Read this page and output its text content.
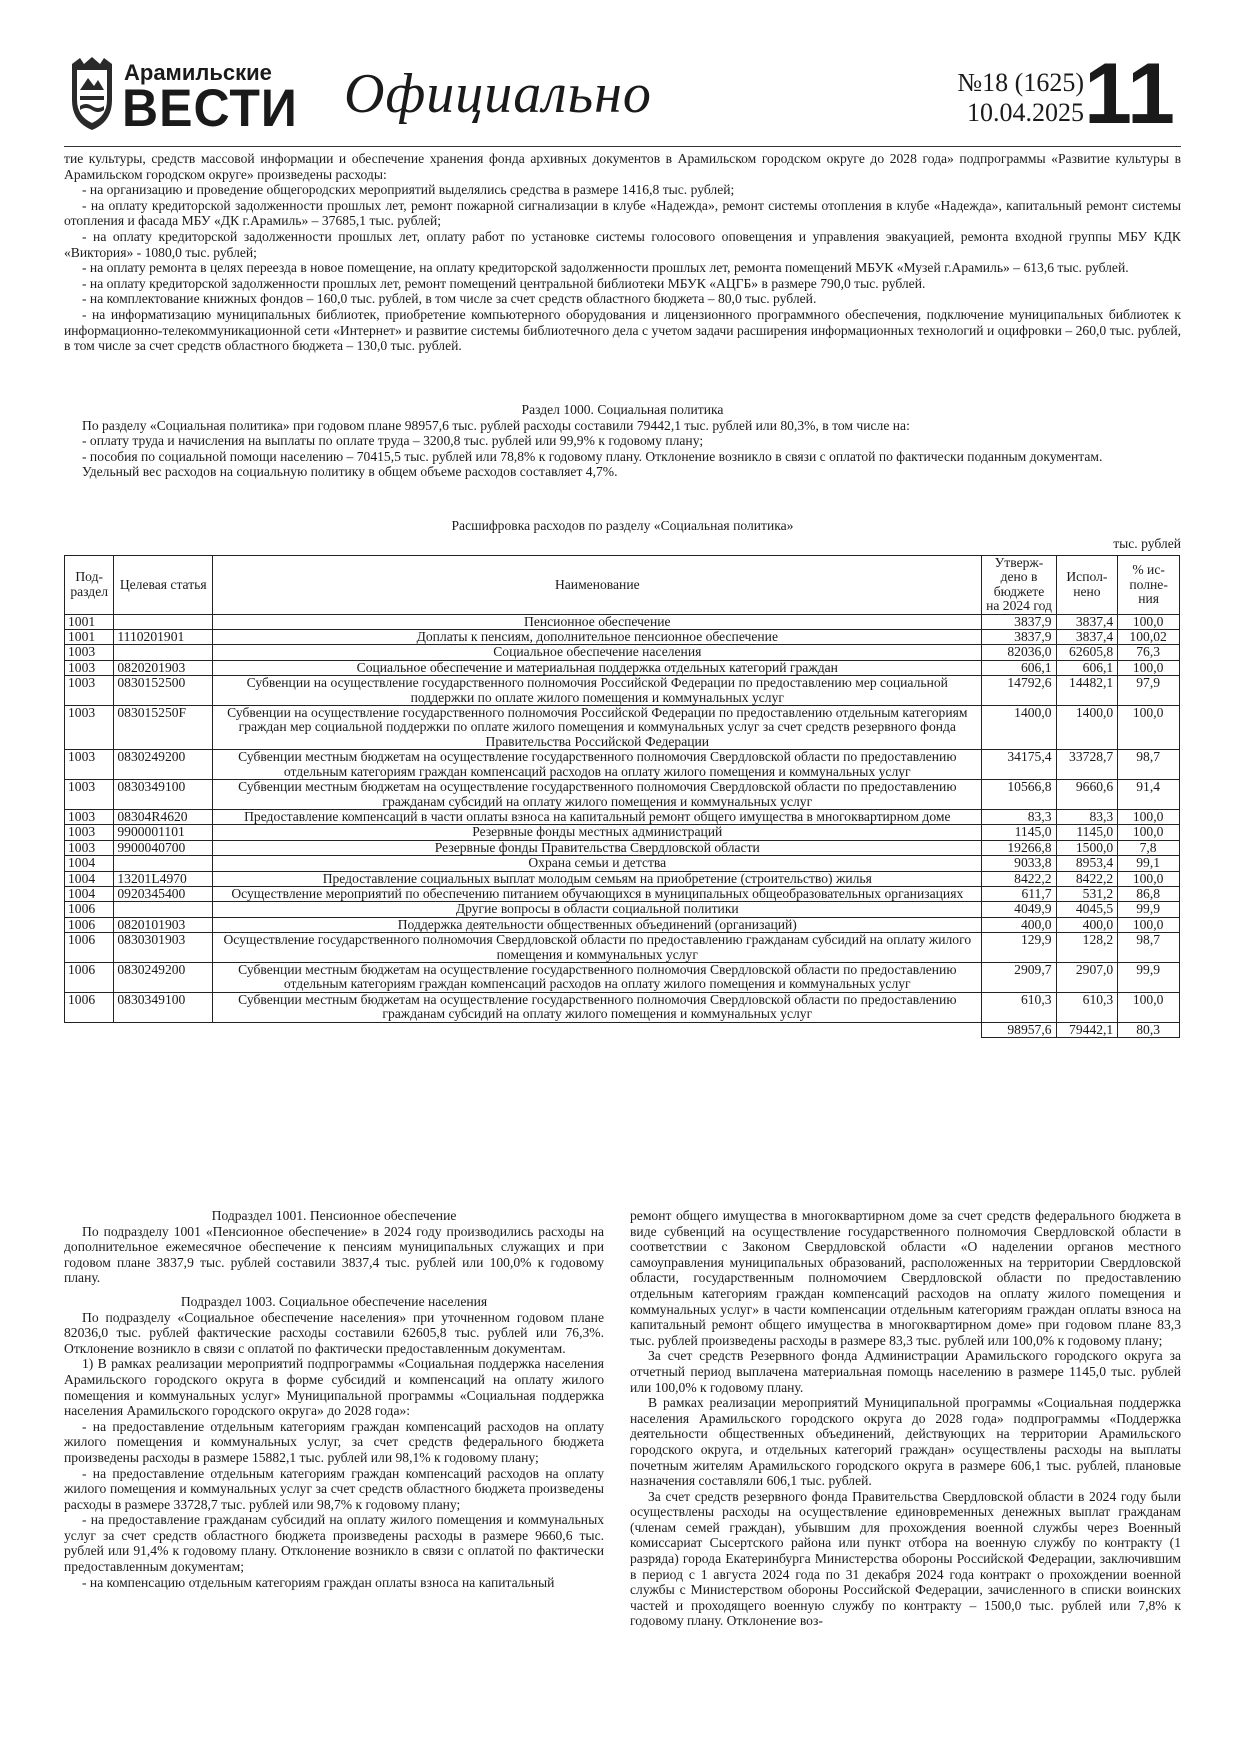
Арамильские
ВЕСТИ Официально	№18 (1625)
10.04.2025 11

тие культуры, средств массовой информации и обеспечение хранения фонда архивных документов в Арамильском городском округе до 2028 года» подпрограммы «Развитие культуры в Арамильском городском округе» произведены расходы:

- на организацию и проведение общегородских мероприятий выделялись средства в размере 1416,8 тыс. рублей;

- на оплату кредиторской задолженности прошлых лет, ремонт пожарной сигнализации в клубе «Надежда», ремонт системы отопления в клубе «Надежда», капитальный ремонт системы отопления и фасада МБУ «ДК г.Арамиль» – 37685,1 тыс. рублей;

- на оплату кредиторской задолженности прошлых лет, оплату работ по установке системы голосового оповещения и управления эвакуацией, ремонта входной группы МБУ КДК «Виктория» - 1080,0 тыс. рублей;

- на оплату ремонта в целях переезда в новое помещение, на оплату кредиторской задолженности прошлых лет, ремонта помещений МБУК «Музей г.Арамиль» – 613,6 тыс. рублей.

- на оплату кредиторской задолженности прошлых лет, ремонт помещений центральной библиотеки МБУК «АЦГБ» в размере 790,0 тыс. рублей.

- на комплектование книжных фондов – 160,0 тыс. рублей, в том числе за счет средств областного бюджета – 80,0 тыс. рублей.

- на информатизацию муниципальных библиотек, приобретение компьютерного оборудования и лицензионного программного обеспечения, подключение муниципальных библиотек к информационно-телекоммуникационной сети «Интернет» и развитие системы библиотечного дела с учетом задачи расширения информационных технологий и оцифровки – 260,0 тыс. рублей, в том числе за счет средств областного бюджета – 130,0 тыс. рублей.

Раздел 1000. Социальная политика

По разделу «Социальная политика» при годовом плане 98957,6 тыс. рублей расходы составили 79442,1 тыс. рублей или 80,3%, в том числе на:

- оплату труда и начисления на выплаты по оплате труда – 3200,8 тыс. рублей или 99,9% к годовому плану;

- пособия по социальной помощи населению – 70415,5 тыс. рублей или 78,8% к годовому плану. Отклонение возникло в связи с оплатой по фактически поданным документам.

Удельный вес расходов на социальную политику в общем объеме расходов составляет 4,7%.

Расшифровка расходов по разделу «Социальная политика»
тыс. рублей
Под-раздел	Целевая статья	Наименование	Утверж-дено в бюджете на 2024 год	Испол-нено	% ис-полне-ния
1001		Пенсионное обеспечение	3837,9	3837,4	100,0
1001	1110201901	Доплаты к пенсиям, дополнительное пенсионное обеспечение	3837,9	3837,4	100,02
1003		Социальное обеспечение населения	82036,0	62605,8	76,3
1003	0820201903	Социальное обеспечение и материальная поддержка отдельных категорий граждан	606,1	606,1	100,0
1003	0830152500	Субвенции на осуществление государственного полномочия Российской Федерации по предоставлению мер социальной поддержки по оплате жилого помещения и коммунальных услуг	14792,6	14482,1	97,9
1003	083015250F	Субвенции на осуществление государственного полномочия Российской Федерации по предоставлению отдельным категориям граждан мер социальной поддержки по оплате жилого помещения и коммунальных услуг за счет средств резервного фонда Правительства Российской Федерации	1400,0	1400,0	100,0
1003	0830249200	Субвенции местным бюджетам на осуществление государственного полномочия Свердловской области по предоставлению отдельным категориям граждан компенсаций расходов на оплату жилого помещения и коммунальных услуг	34175,4	33728,7	98,7
1003	0830349100	Субвенции местным бюджетам на осуществление государственного полномочия Свердловской области по предоставлению гражданам субсидий на оплату жилого помещения и коммунальных услуг	10566,8	9660,6	91,4
1003	08304R4620	Предоставление компенсаций в части оплаты взноса на капитальный ремонт общего имущества в многоквартирном доме	83,3	83,3	100,0
1003	9900001101	Резервные фонды местных администраций	1145,0	1145,0	100,0
1003	9900040700	Резервные фонды Правительства Свердловской области	19266,8	1500,0	7,8
1004		Охрана семьи и детства	9033,8	8953,4	99,1
1004	13201L4970	Предоставление социальных выплат молодым семьям на приобретение (строительство) жилья	8422,2	8422,2	100,0
1004	0920345400	Осуществление мероприятий по обеспечению питанием обучающихся в муниципальных общеобразовательных организациях	611,7	531,2	86,8
1006		Другие вопросы в области социальной политики	4049,9	4045,5	99,9
1006	0820101903	Поддержка деятельности общественных объединений (организаций)	400,0	400,0	100,0
1006	0830301903	Осуществление государственного полномочия Свердловской области по предоставлению гражданам субсидий на оплату жилого помещения и коммунальных услуг	129,9	128,2	98,7
1006	0830249200	Субвенции местным бюджетам на осуществление государственного полномочия Свердловской области по предоставлению отдельным категориям граждан компенсаций расходов на оплату жилого помещения и коммунальных услуг	2909,7	2907,0	99,9
1006	0830349100	Субвенции местным бюджетам на осуществление государственного полномочия Свердловской области по предоставлению гражданам субсидий на оплату жилого помещения и коммунальных услуг	610,3	610,3	100,0
			98957,6	79442,1	80,3

Подраздел 1001. Пенсионное обеспечение

По подразделу 1001 «Пенсионное обеспечение» в 2024 году производились расходы на дополнительное ежемесячное обеспечение к пенсиям муниципальных служащих и при годовом плане 3837,9 тыс. рублей составили 3837,4 тыс. рублей или 100,0% к годовому плану.

Подраздел 1003. Социальное обеспечение населения

По подразделу «Социальное обеспечение населения» при уточненном годовом плане 82036,0 тыс. рублей фактические расходы составили 62605,8 тыс. рублей или 76,3%. Отклонение возникло в связи с оплатой по фактически предоставленным документам.

1) В рамках реализации мероприятий подпрограммы «Социальная поддержка населения Арамильского городского округа в форме субсидий и компенсаций на оплату жилого помещения и коммунальных услуг» Муниципальной программы «Социальная поддержка населения Арамильского городского округа» до 2028 года»:

- на предоставление отдельным категориям граждан компенсаций расходов на оплату жилого помещения и коммунальных услуг, за счет средств федерального бюджета произведены расходы в размере 15882,1 тыс. рублей или 98,1% к годовому плану;

- на предоставление отдельным категориям граждан компенсаций расходов на оплату жилого помещения и коммунальных услуг за счет средств областного бюджета произведены расходы в размере 33728,7 тыс. рублей или 98,7% к годовому плану;

- на предоставление гражданам субсидий на оплату жилого помещения и коммунальных услуг за счет средств областного бюджета произведены расходы в размере 9660,6 тыс. рублей или 91,4% к годовому плану. Отклонение возникло в связи с оплатой по фактически предоставленным документам;

- на компенсацию отдельным категориям граждан оплаты взноса на капитальный

ремонт общего имущества в многоквартирном доме за счет средств федерального бюджета в виде субвенций на осуществление государственного полномочия Свердловской области в соответствии с Законом Свердловской области «О наделении органов местного самоуправления муниципальных образований, расположенных на территории Свердловской области, государственным полномочием Свердловской области по предоставлению отдельным категориям граждан компенсаций расходов на оплату жилого помещения и коммунальных услуг» в части компенсации отдельным категориям граждан оплаты взноса на капитальный ремонт общего имущества в многоквартирном доме» при годовом плане 83,3 тыс. рублей произведены расходы в размере 83,3 тыс. рублей или 100,0% к годовому плану;

За счет средств Резервного фонда Администрации Арамильского городского округа за отчетный период выплачена материальная помощь населению в размере 1145,0 тыс. рублей или 100,0% к годовому плану.

В рамках реализации мероприятий Муниципальной программы «Социальная поддержка населения Арамильского городского округа до 2028 года» подпрограммы «Поддержка деятельности общественных объединений, действующих на территории Арамильского городского округа, и отдельных категорий граждан» осуществлены расходы на выплаты почетным жителям Арамильского городского округа в размере 606,1 тыс. рублей, плановые назначения составляли 606,1 тыс. рублей.

За счет средств резервного фонда Правительства Свердловской области в 2024 году были осуществлены расходы на осуществление единовременных денежных выплат гражданам (членам семей граждан), убывшим для прохождения военной службы через Военный комиссариат Сысертского района или пункт отбора на военную службу по контракту (1 разряда) города Екатеринбурга Министерства обороны Российской Федерации, заключившим в период с 1 августа 2024 года по 31 декабря 2024 года контракт о прохождении военной службы с Министерством обороны Российской Федерации, зачисленного в списки воинских частей и проходящего военную службу по контракту – 1500,0 тыс. рублей или 7,8% к годовому плану. Отклонение воз-
